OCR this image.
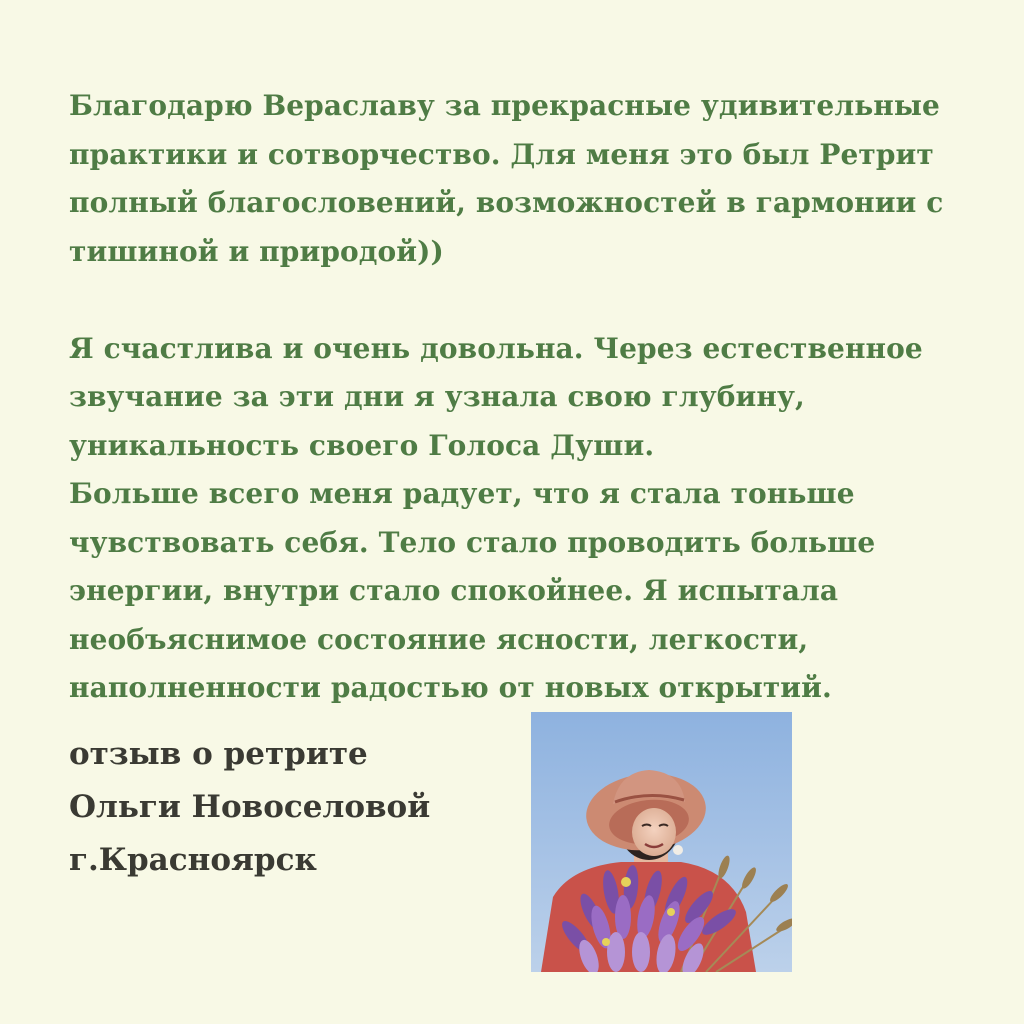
Благодарю Вераславу за прекрасные удивительные
практики и сотворчество. Для меня это был Ретрит
полный благословений, возможностей в гармонии с
тишиной и природой))
Я счастлива и очень довольна. Через естественное
звучание за эти дни я узнала свою глубину,
уникальность своего Голоса Души.
Больше всего меня радует, что я стала тоньше
чувствовать себя. Тело стало проводить больше
энергии, внутри стало спокойнее. Я испытала
необъяснимое состояние ясности, легкости,
наполненности радостью от новых открытий.
отзыв о ретрите
Ольги Новоселовой
г.Красноярск
